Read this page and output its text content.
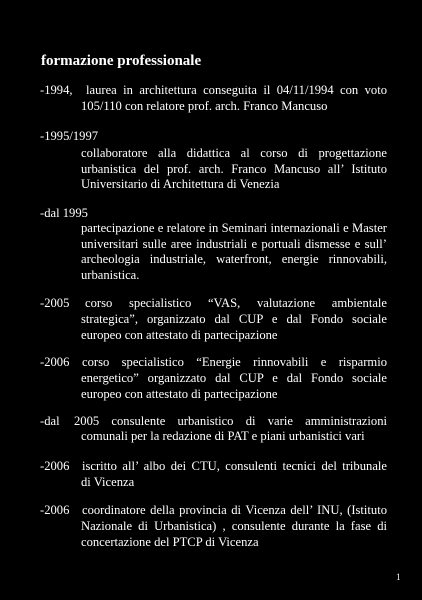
formazione professionale
-1994, laurea in architettura conseguita il 04/11/1994 con voto
105/110 con relatore prof. arch. Franco Mancuso
-1995/1997
collaboratore alla didattica al corso di progettazione urbanistica del prof. arch. Franco Mancuso all’ Istituto Universitario di Architettura di Venezia
-dal 1995
partecipazione e relatore in Seminari internazionali e Master universitari sulle aree industriali e portuali dismesse e sull’ archeologia industriale, waterfront, energie rinnovabili, urbanistica.
-2005 corso specialistico “VAS, valutazione ambientale
strategica”, organizzato dal CUP e dal Fondo sociale europeo con attestato di partecipazione
-2006 corso specialistico “Energie rinnovabili e risparmio
energetico” organizzato dal CUP e dal Fondo sociale europeo con attestato di partecipazione
-dal 2005 consulente urbanistico di varie amministrazioni
comunali per la redazione di PAT e piani urbanistici vari
-2006 iscritto all’ albo dei CTU, consulenti tecnici del tribunale
di Vicenza
-2006 coordinatore della provincia di Vicenza dell’ INU, (Istituto
Nazionale di Urbanistica) , consulente durante la fase di concertazione del PTCP di Vicenza
1
